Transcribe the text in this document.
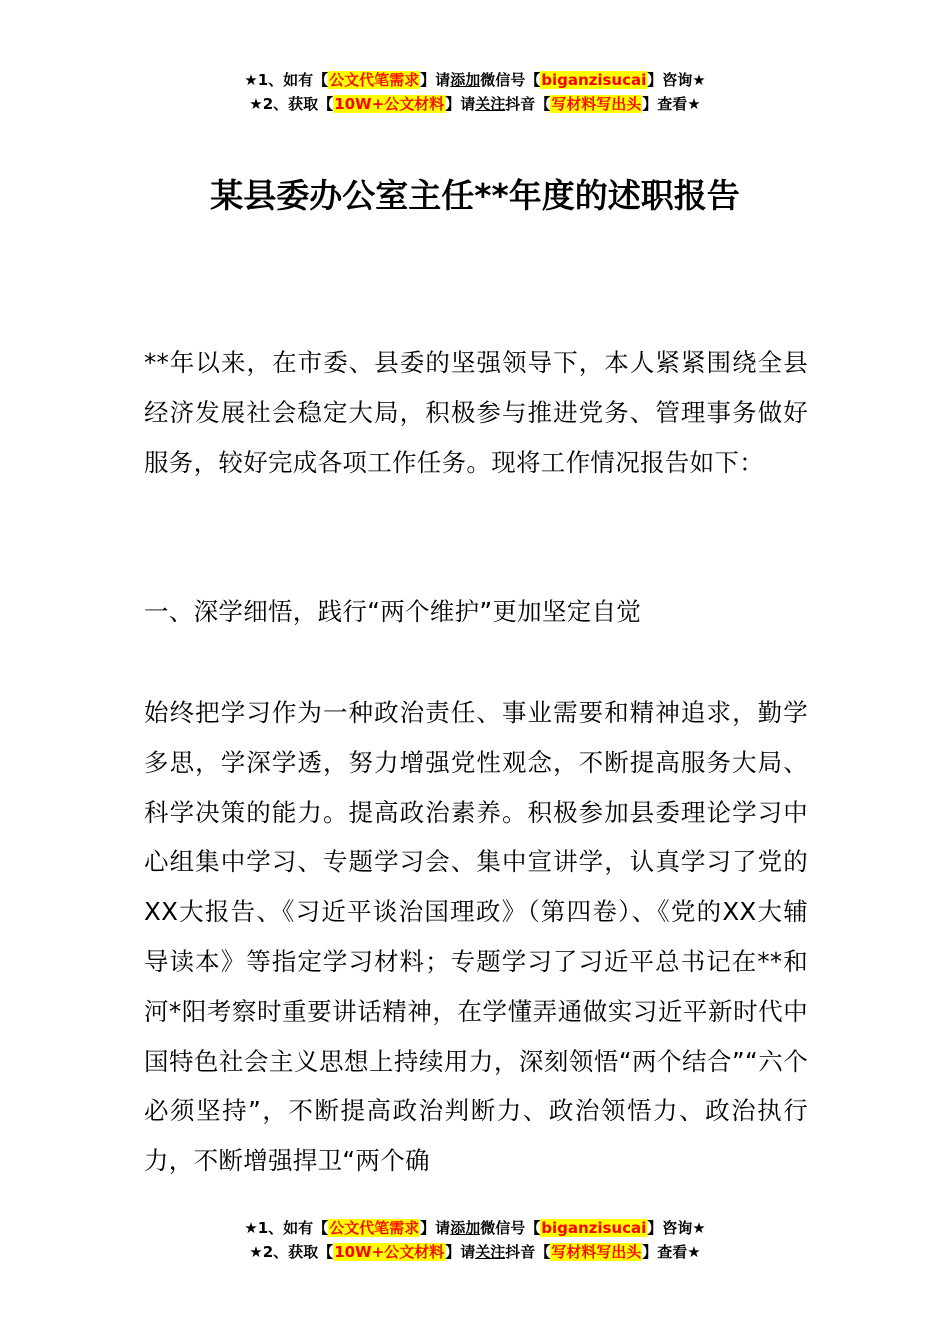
★1、如有【公文代笔需求】请添加微信号【biganzisucai】咨询★
★2、获取【10W+公文材料】请关注抖音【写材料写出头】查看★
某县委办公室主任**年度的述职报告

**年以来，在市委、县委的坚强领导下，本人紧紧围绕全县经济发展社会稳定大局，积极参与推进党务、管理事务做好服务，较好完成各项工作任务。现将工作情况报告如下：

一、深学细悟，践行“两个维护”更加坚定自觉

始终把学习作为一种政治责任、事业需要和精神追求，勤学多思，学深学透，努力增强党性观念，不断提高服务大局、科学决策的能力。提高政治素养。积极参加县委理论学习中心组集中学习、专题学习会、集中宣讲学，认真学习了党的XX大报告、《习近平谈治国理政》（第四卷）、《党的XX大辅导读本》等指定学习材料；专题学习了习近平总书记在**和河*阳考察时重要讲话精神，在学懂弄通做实习近平新时代中国特色社会主义思想上持续用力，深刻领悟“两个结合”“六个必须坚持”，不断提高政治判断力、政治领悟力、政治执行力，不断增强捍卫“两个确

★1、如有【公文代笔需求】请添加微信号【biganzisucai】咨询★
★2、获取【10W+公文材料】请关注抖音【写材料写出头】查看★
